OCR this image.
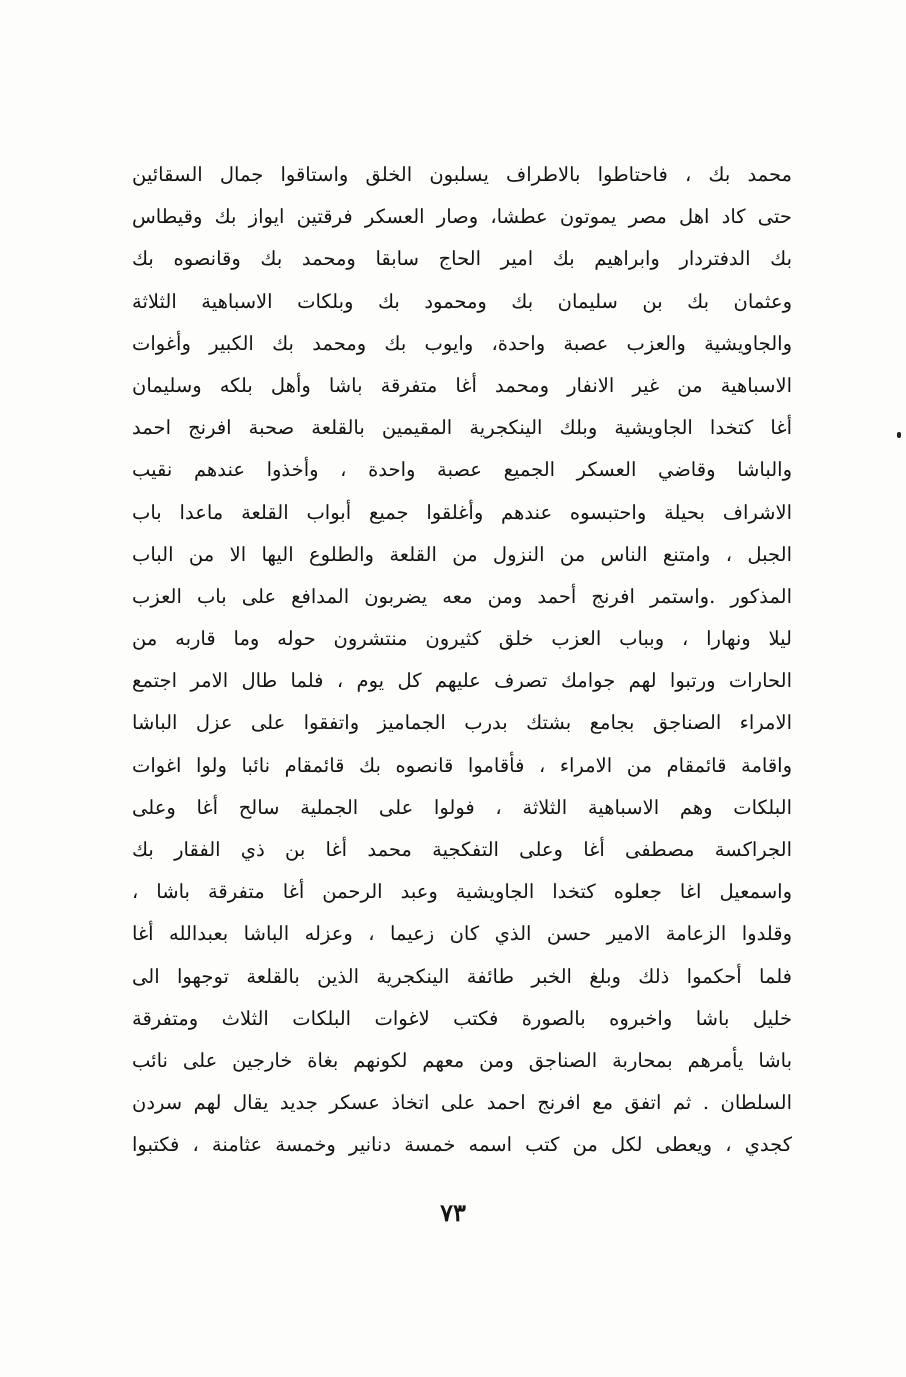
محمد بك ، فاحتاطوا بالاطراف يسلبون الخلق واستاقوا جمال السقائين
حتى كاد اهل مصر يموتون عطشا، وصار العسكر فرقتين ايواز بك وقيطاس
بك الدفتردار وابراهيم بك امير الحاج سابقا ومحمد بك وقانصوه بك
وعثمان بك بن سليمان بك ومحمود بك وبلكات الاسباهية الثلاثة
والجاويشية والعزب عصبة واحدة، وايوب بك ومحمد بك الكبير وأغوات
الاسباهية من غير الانفار ومحمد أغا متفرقة باشا وأهل بلكه وسليمان
أغا كتخدا الجاويشية وبلك الينكجرية المقيمين بالقلعة صحبة افرنج احمد
والباشا وقاضي العسكر الجميع عصبة واحدة ، وأخذوا عندهم نقيب
الاشراف بحيلة واحتبسوه عندهم وأغلقوا جميع أبواب القلعة ماعدا باب
الجبل ، وامتنع الناس من النزول من القلعة والطلوع اليها الا من الباب
المذكور .واستمر افرنج أحمد ومن معه يضربون المدافع على باب العزب
ليلا ونهارا ، وبباب العزب خلق كثيرون منتشرون حوله وما قاربه من
الحارات ورتبوا لهم جوامك تصرف عليهم كل يوم ، فلما طال الامر اجتمع
الامراء الصناجق بجامع بشتك بدرب الجماميز واتفقوا على عزل الباشا
واقامة قائمقام من الامراء ، فأقاموا قانصوه بك قائمقام نائبا ولوا اغوات
البلكات وهم الاسباهية الثلاثة ، فولوا على الجملية سالح أغا وعلى
الجراكسة مصطفى أغا وعلى التفكجية محمد أغا بن ذي الفقار بك
واسمعيل اغا جعلوه كتخدا الجاويشية وعبد الرحمن أغا متفرقة باشا ،
وقلدوا الزعامة الامير حسن الذي كان زعيما ، وعزله الباشا بعبدالله أغا
فلما أحكموا ذلك وبلغ الخبر طائفة الينكجرية الذين بالقلعة توجهوا الى
خليل باشا واخبروه بالصورة فكتب لاغوات البلكات الثلاث ومتفرقة
باشا يأمرهم بمحاربة الصناجق ومن معهم لكونهم بغاة خارجين على نائب
السلطان . ثم اتفق مع افرنج احمد على اتخاذ عسكر جديد يقال لهم سردن
كجدي ، ويعطى لكل من كتب اسمه خمسة دنانير وخمسة عثامنة ، فكتبوا
٧٣
